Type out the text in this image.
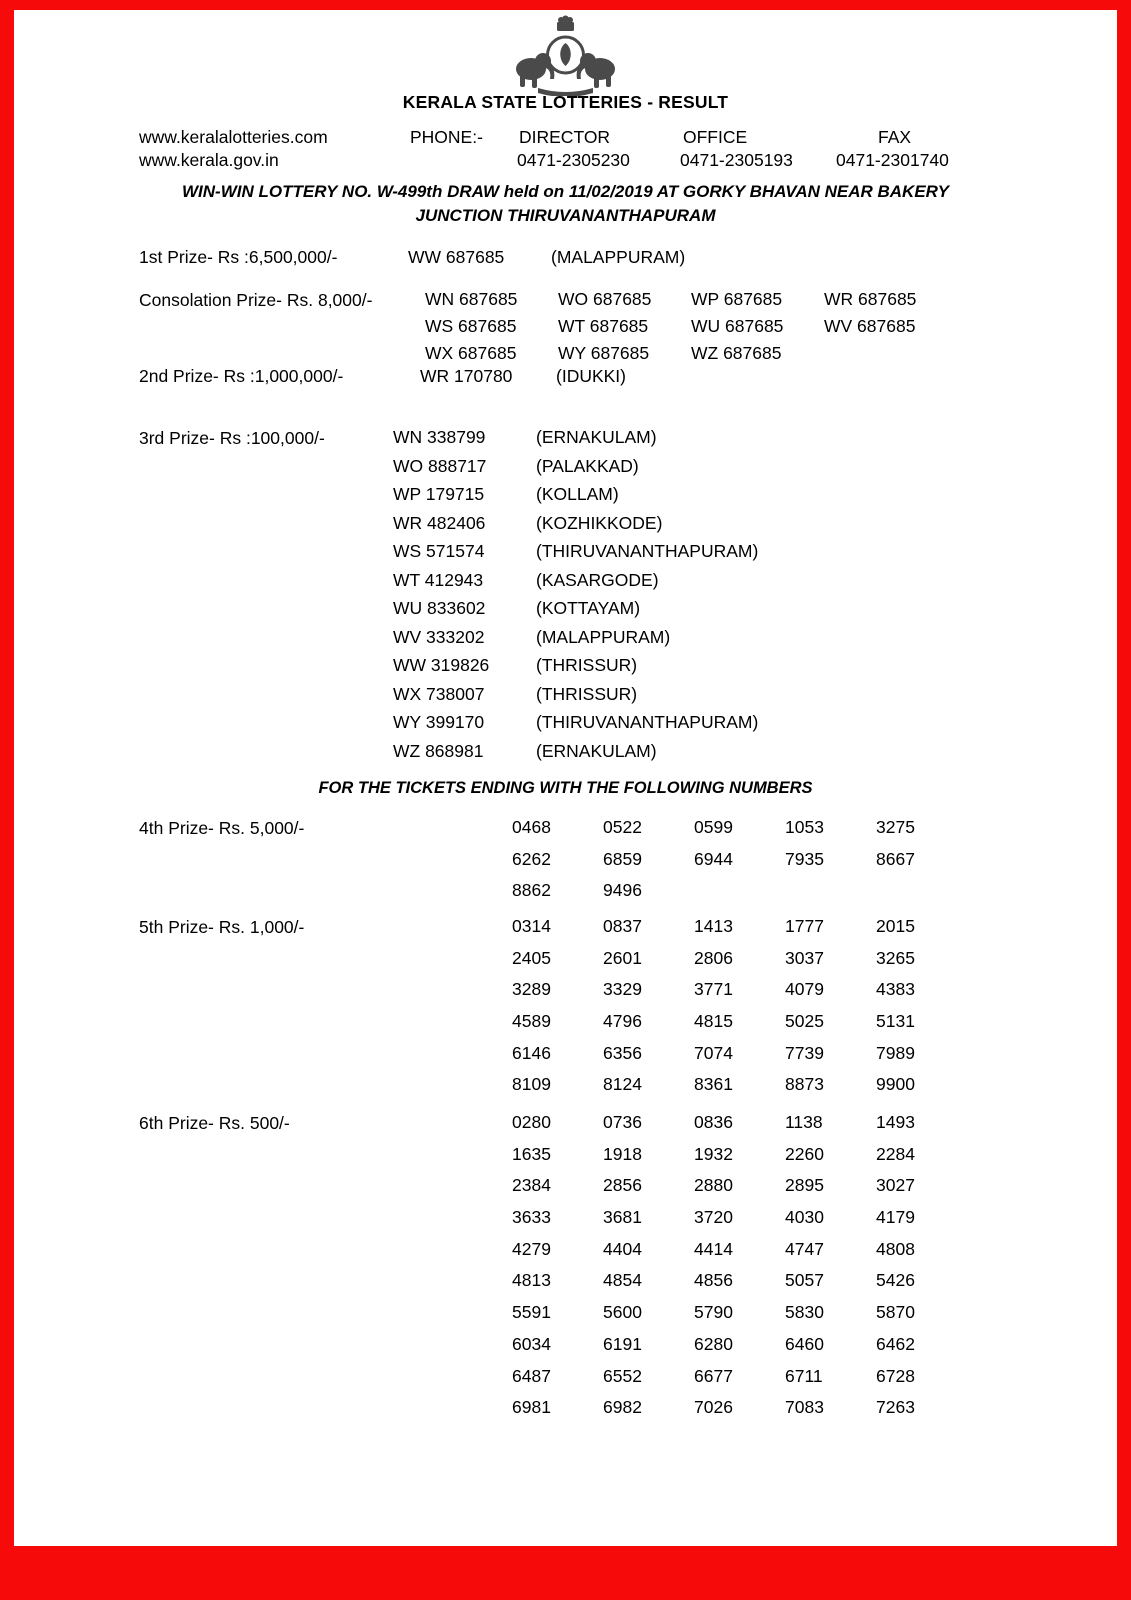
KERALA STATE LOTTERIES - RESULT
www.keralalotteries.com
www.kerala.gov.in
PHONE:- DIRECTOR
0471-2305230
OFFICE
0471-2305193
FAX
0471-2301740
WIN-WIN LOTTERY NO. W-499th DRAW held on 11/02/2019 AT GORKY BHAVAN NEAR BAKERY
JUNCTION THIRUVANANTHAPURAM
1st Prize- Rs :6,500,000/-	WW 687685	(MALAPPURAM)
Consolation Prize- Rs. 8,000/-	WN 687685 WO 687685 WP 687685 WR 687685
WS 687685 WT 687685 WU 687685 WV 687685
WX 687685 WY 687685 WZ 687685
2nd Prize- Rs :1,000,000/-	WR 170780 (IDUKKI)
3rd Prize- Rs :100,000/-	WN 338799	(ERNAKULAM)
WO 888717	(PALAKKAD)
WP 179715	(KOLLAM)
WR 482406	(KOZHIKKODE)
WS 571574	(THIRUVANANTHAPURAM)
WT 412943	(KASARGODE)
WU 833602	(KOTTAYAM)
WV 333202	(MALAPPURAM)
WW 319826	(THRISSUR)
WX 738007	(THRISSUR)
WY 399170	(THIRUVANANTHAPURAM)
WZ 868981	(ERNAKULAM)
FOR THE TICKETS ENDING WITH THE FOLLOWING NUMBERS
4th Prize- Rs. 5,000/-	0468	0522	0599	1053	3275
6262	6859	6944	7935	8667
8862	9496
5th Prize- Rs. 1,000/-	0314	0837	1413	1777	2015
2405	2601	2806	3037	3265
3289	3329	3771	4079	4383
4589	4796	4815	5025	5131
6146	6356	7074	7739	7989
8109	8124	8361	8873	9900
6th Prize- Rs. 500/-	0280	0736	0836	1138	1493
1635	1918	1932	2260	2284
2384	2856	2880	2895	3027
3633	3681	3720	4030	4179
4279	4404	4414	4747	4808
4813	4854	4856	5057	5426
5591	5600	5790	5830	5870
6034	6191	6280	6460	6462
6487	6552	6677	6711	6728
6981	6982	7026	7083	7263
